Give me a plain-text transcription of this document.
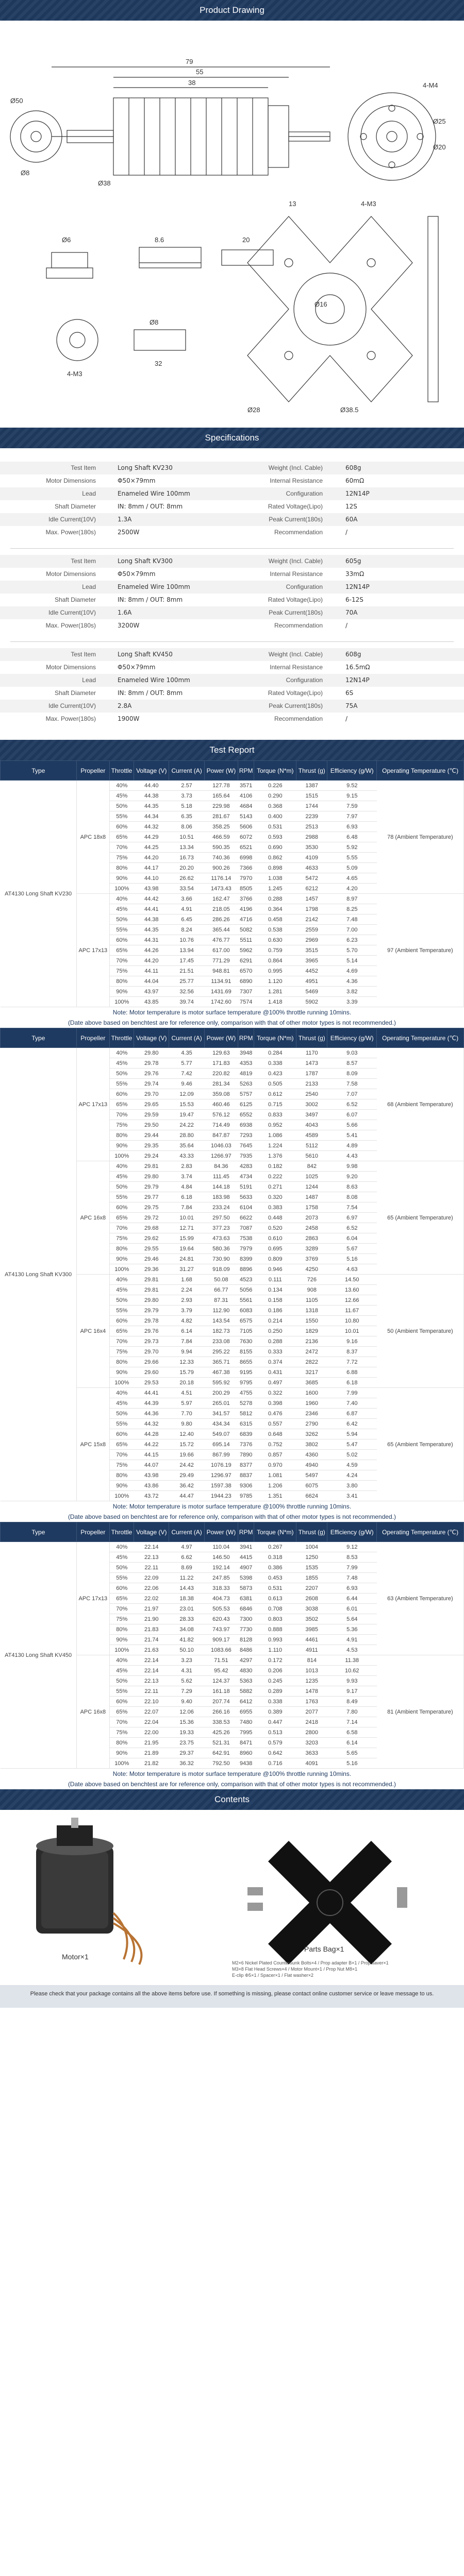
Product Drawing
79
55
38
Ø50
Ø8
Ø38
4-M4
Ø25
Ø20
4-M3
Ø28
Ø16
Ø38.5
Ø6	8.6	20
4-M3
Ø8
32
13
Specifications
Test Item	Long Shaft KV230	Weight (Incl. Cable)	608g
Motor Dimensions	Φ50×79mm	Internal Resistance	60mΩ
Lead	Enameled Wire 100mm	Configuration	12N14P
Shaft Diameter	IN: 8mm / OUT: 8mm	Rated Voltage(Lipo)	12S
Idle Current(10V)	1.3A	Peak Current(180s)	60A
Max. Power(180s)	2500W	Recommendation	/
Test Item	Long Shaft KV300	Weight (Incl. Cable)	605g
Motor Dimensions	Φ50×79mm	Internal Resistance	33mΩ
Lead	Enameled Wire 100mm	Configuration	12N14P
Shaft Diameter	IN: 8mm / OUT: 8mm	Rated Voltage(Lipo)	6-12S
Idle Current(10V)	1.6A	Peak Current(180s)	70A
Max. Power(180s)	3200W	Recommendation	/
Test Item	Long Shaft KV450	Weight (Incl. Cable)	608g
Motor Dimensions	Φ50×79mm	Internal Resistance	16.5mΩ
Lead	Enameled Wire 100mm	Configuration	12N14P
Shaft Diameter	IN: 8mm / OUT: 8mm	Rated Voltage(Lipo)	6S
Idle Current(10V)	2.8A	Peak Current(180s)	75A
Max. Power(180s)	1900W	Recommendation	/
Test Report
Type	Propeller	Throttle	Voltage (V)	Current (A)	Power (W)	RPM	Torque (N*m)	Thrust (g)	Efficiency (g/W)	Operating Temperature (℃)
AT4130 Long Shaft KV230	APC 18x8	40%	44.40	2.57	127.78	3571	0.226	1387	9.52	78 (Ambient Temperature)
		45%	44.38	3.73	165.64	4106	0.290	1515	9.15	
		50%	44.35	5.18	229.98	4684	0.368	1744	7.59	
		55%	44.34	6.35	281.67	5143	0.400	2239	7.97	
		60%	44.32	8.06	358.25	5606	0.531	2513	6.93	
		65%	44.29	10.51	466.59	6072	0.593	2988	6.48	
		70%	44.25	13.34	590.35	6521	0.690	3530	5.92	
		75%	44.20	16.73	740.36	6998	0.862	4109	5.55	
		80%	44.17	20.20	900.26	7366	0.898	4633	5.09	
		90%	44.10	26.62	1176.14	7970	1.038	5472	4.65	
		100%	43.98	33.54	1473.43	8505	1.245	6212	4.20	
	APC 17x13	40%	44.42	3.66	162.47	3766	0.288	1457	8.97	97 (Ambient Temperature)
		45%	44.41	4.91	218.05	4196	0.364	1798	8.25	
		50%	44.38	6.45	286.26	4716	0.458	2142	7.48	
		55%	44.35	8.24	365.44	5082	0.538	2559	7.00	
		60%	44.31	10.76	476.77	5511	0.630	2969	6.23	
		65%	44.26	13.94	617.00	5962	0.759	3515	5.70	
		70%	44.20	17.45	771.29	6291	0.864	3965	5.14	
		75%	44.11	21.51	948.81	6570	0.995	4452	4.69	
		80%	44.04	25.77	1134.91	6890	1.120	4951	4.36	
		90%	43.97	32.56	1431.69	7307	1.281	5469	3.82	
		100%	43.85	39.74	1742.60	7574	1.418	5902	3.39	
Note: Motor temperature is motor surface temperature @100% throttle running 10mins.
(Date above based on benchtest are for reference only, comparison with that of other motor types is not recommended.)
Type	Propeller	Throttle	Voltage (V)	Current (A)	Power (W)	RPM	Torque (N*m)	Thrust (g)	Efficiency (g/W)	Operating Temperature (℃)
AT4130 Long Shaft KV300	APC 17x13	40%	29.80	4.35	129.63	3948	0.284	1170	9.03	68 (Ambient Temperature)
		45%	29.78	5.77	171.83	4353	0.338	1473	8.57	
		50%	29.76	7.42	220.82	4819	0.423	1787	8.09	
		55%	29.74	9.46	281.34	5263	0.505	2133	7.58	
		60%	29.70	12.09	359.08	5757	0.612	2540	7.07	
		65%	29.65	15.53	460.46	6125	0.715	3002	6.52	
		70%	29.59	19.47	576.12	6552	0.833	3497	6.07	
		75%	29.50	24.22	714.49	6938	0.952	4043	5.66	
		80%	29.44	28.80	847.87	7293	1.086	4589	5.41	
		90%	29.35	35.64	1046.03	7645	1.224	5112	4.89	
		100%	29.24	43.33	1266.97	7935	1.376	5610	4.43	
	APC 16x8	40%	29.81	2.83	84.36	4283	0.182	842	9.98	65 (Ambient Temperature)
		45%	29.80	3.74	111.45	4734	0.222	1025	9.20	
		50%	29.79	4.84	144.18	5191	0.271	1244	8.63	
		55%	29.77	6.18	183.98	5633	0.320	1487	8.08	
		60%	29.75	7.84	233.24	6104	0.383	1758	7.54	
		65%	29.72	10.01	297.50	6622	0.448	2073	6.97	
		70%	29.68	12.71	377.23	7087	0.520	2458	6.52	
		75%	29.62	15.99	473.63	7538	0.610	2863	6.04	
		80%	29.55	19.64	580.36	7979	0.695	3289	5.67	
		90%	29.46	24.81	730.90	8399	0.809	3769	5.16	
		100%	29.36	31.27	918.09	8896	0.946	4250	4.63	
	APC 16x4	40%	29.81	1.68	50.08	4523	0.111	726	14.50	50 (Ambient Temperature)
		45%	29.81	2.24	66.77	5056	0.134	908	13.60	
		50%	29.80	2.93	87.31	5561	0.158	1105	12.66	
		55%	29.79	3.79	112.90	6083	0.186	1318	11.67	
		60%	29.78	4.82	143.54	6575	0.214	1550	10.80	
		65%	29.76	6.14	182.73	7105	0.250	1829	10.01	
		70%	29.73	7.84	233.08	7630	0.288	2136	9.16	
		75%	29.70	9.94	295.22	8155	0.333	2472	8.37	
		80%	29.66	12.33	365.71	8655	0.374	2822	7.72	
		90%	29.60	15.79	467.38	9195	0.431	3217	6.88	
		100%	29.53	20.18	595.92	9795	0.497	3685	6.18	
	APC 15x8	40%	44.41	4.51	200.29	4755	0.322	1600	7.99	65 (Ambient Temperature)
		45%	44.39	5.97	265.01	5278	0.398	1960	7.40	
		50%	44.36	7.70	341.57	5812	0.476	2346	6.87	
		55%	44.32	9.80	434.34	6315	0.557	2790	6.42	
		60%	44.28	12.40	549.07	6839	0.648	3262	5.94	
		65%	44.22	15.72	695.14	7376	0.752	3802	5.47	
		70%	44.15	19.66	867.99	7890	0.857	4360	5.02	
		75%	44.07	24.42	1076.19	8377	0.970	4940	4.59	
		80%	43.98	29.49	1296.97	8837	1.081	5497	4.24	
		90%	43.86	36.42	1597.38	9306	1.206	6075	3.80	
		100%	43.72	44.47	1944.23	9785	1.351	6624	3.41	
Note: Motor temperature is motor surface temperature @100% throttle running 10mins.
(Date above based on benchtest are for reference only, comparison with that of other motor types is not recommended.)
Type	Propeller	Throttle	Voltage (V)	Current (A)	Power (W)	RPM	Torque (N*m)	Thrust (g)	Efficiency (g/W)	Operating Temperature (℃)
AT4130 Long Shaft KV450	APC 17x13	40%	22.14	4.97	110.04	3941	0.267	1004	9.12	63 (Ambient Temperature)
		45%	22.13	6.62	146.50	4415	0.318	1250	8.53	
		50%	22.11	8.69	192.14	4907	0.386	1535	7.99	
		55%	22.09	11.22	247.85	5398	0.453	1855	7.48	
		60%	22.06	14.43	318.33	5873	0.531	2207	6.93	
		65%	22.02	18.38	404.73	6381	0.613	2608	6.44	
		70%	21.97	23.01	505.53	6846	0.708	3038	6.01	
		75%	21.90	28.33	620.43	7300	0.803	3502	5.64	
		80%	21.83	34.08	743.97	7730	0.888	3985	5.36	
		90%	21.74	41.82	909.17	8128	0.993	4461	4.91	
		100%	21.63	50.10	1083.66	8486	1.110	4911	4.53	
	APC 16x8	40%	22.14	3.23	71.51	4297	0.172	814	11.38	81 (Ambient Temperature)
		45%	22.14	4.31	95.42	4830	0.206	1013	10.62	
		50%	22.13	5.62	124.37	5363	0.245	1235	9.93	
		55%	22.11	7.29	161.18	5882	0.289	1478	9.17	
		60%	22.10	9.40	207.74	6412	0.338	1763	8.49	
		65%	22.07	12.06	266.16	6955	0.389	2077	7.80	
		70%	22.04	15.36	338.53	7480	0.447	2418	7.14	
		75%	22.00	19.33	425.26	7995	0.513	2800	6.58	
		80%	21.95	23.75	521.31	8471	0.579	3203	6.14	
		90%	21.89	29.37	642.91	8960	0.642	3633	5.65	
		100%	21.82	36.32	792.50	9438	0.716	4091	5.16	
Note: Motor temperature is motor surface temperature @100% throttle running 10mins.
(Date above based on benchtest are for reference only, comparison with that of other motor types is not recommended.)
Contents
Motor×1
Parts Bag×1
M2×6 Nickel Plated Countersunk Bolts×4 / Prop adapter B×1 / Prop saver×1
M3×8 Flat Head Screws×4 / Motor Mount×1 / Prop Nut M8×1
E-clip Φ5×1 / Spacer×1 / Flat washer×2
Please check that your package contains all the above items before use. If something is missing, please contact online customer service or leave message to us.
